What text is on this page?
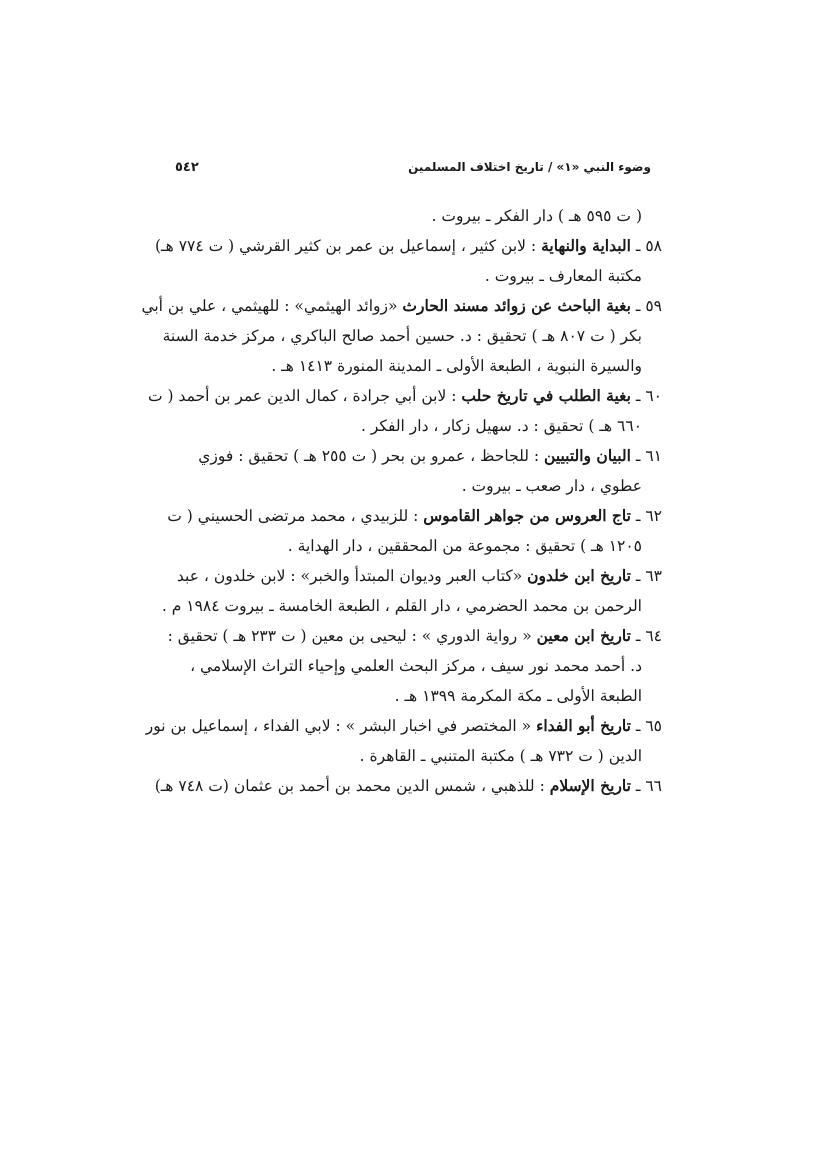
وضوء النبي «١» / تاريخ اختلاف المسلمين
٥٤٢
( ت ٥٩٥ هـ ) دار الفكر ـ بيروت .
٥٨ ـ البداية والنهاية : لابن كثير ، إسماعيل بن عمر بن كثير القرشي ( ت ٧٧٤ هـ)
مكتبة المعارف ـ بيروت .
٥٩ ـ بغية الباحث عن زوائد مسند الحارث «زوائد الهيثمي» : للهيثمي ، علي بن أبي
بكر ( ت ٨٠٧ هـ ) تحقيق : د. حسين أحمد صالح الباكري ، مركز خدمة السنة
والسيرة النبوية ، الطبعة الأولى ـ المدينة المنورة ١٤١٣ هـ .
٦٠ ـ بغية الطلب في تاريخ حلب : لابن أبي جرادة ، كمال الدين عمر بن أحمد ( ت
٦٦٠ هـ ) تحقيق : د. سهيل زكار ، دار الفكر .
٦١ ـ البيان والتبيين : للجاحظ ، عمرو بن بحر ( ت ٢٥٥ هـ ) تحقيق : فوزي
عطوي ، دار صعب ـ بيروت .
٦٢ ـ تاج العروس من جواهر القاموس : للزبيدي ، محمد مرتضى الحسيني ( ت
١٢٠٥ هـ ) تحقيق : مجموعة من المحققين ، دار الهداية .
٦٣ ـ تاريخ ابن خلدون «كتاب العبر وديوان المبتدأ والخبر» : لابن خلدون ، عبد
الرحمن بن محمد الحضرمي ، دار القلم ، الطبعة الخامسة ـ بيروت ١٩٨٤ م .
٦٤ ـ تاريخ ابن معين « رواية الدوري » : ليحيى بن معين ( ت ٢٣٣ هـ ) تحقيق :
د. أحمد محمد نور سيف ، مركز البحث العلمي وإحياء التراث الإسلامي ،
الطبعة الأولى ـ مكة المكرمة ١٣٩٩ هـ .
٦٥ ـ تاريخ أبو الفداء « المختصر في اخبار البشر » : لابي الفداء ، إسماعيل بن نور
الدين ( ت ٧٣٢ هـ ) مكتبة المتنبي ـ القاهرة .
٦٦ ـ تاريخ الإسلام : للذهبي ، شمس الدين محمد بن أحمد بن عثمان (ت ٧٤٨ هـ)
